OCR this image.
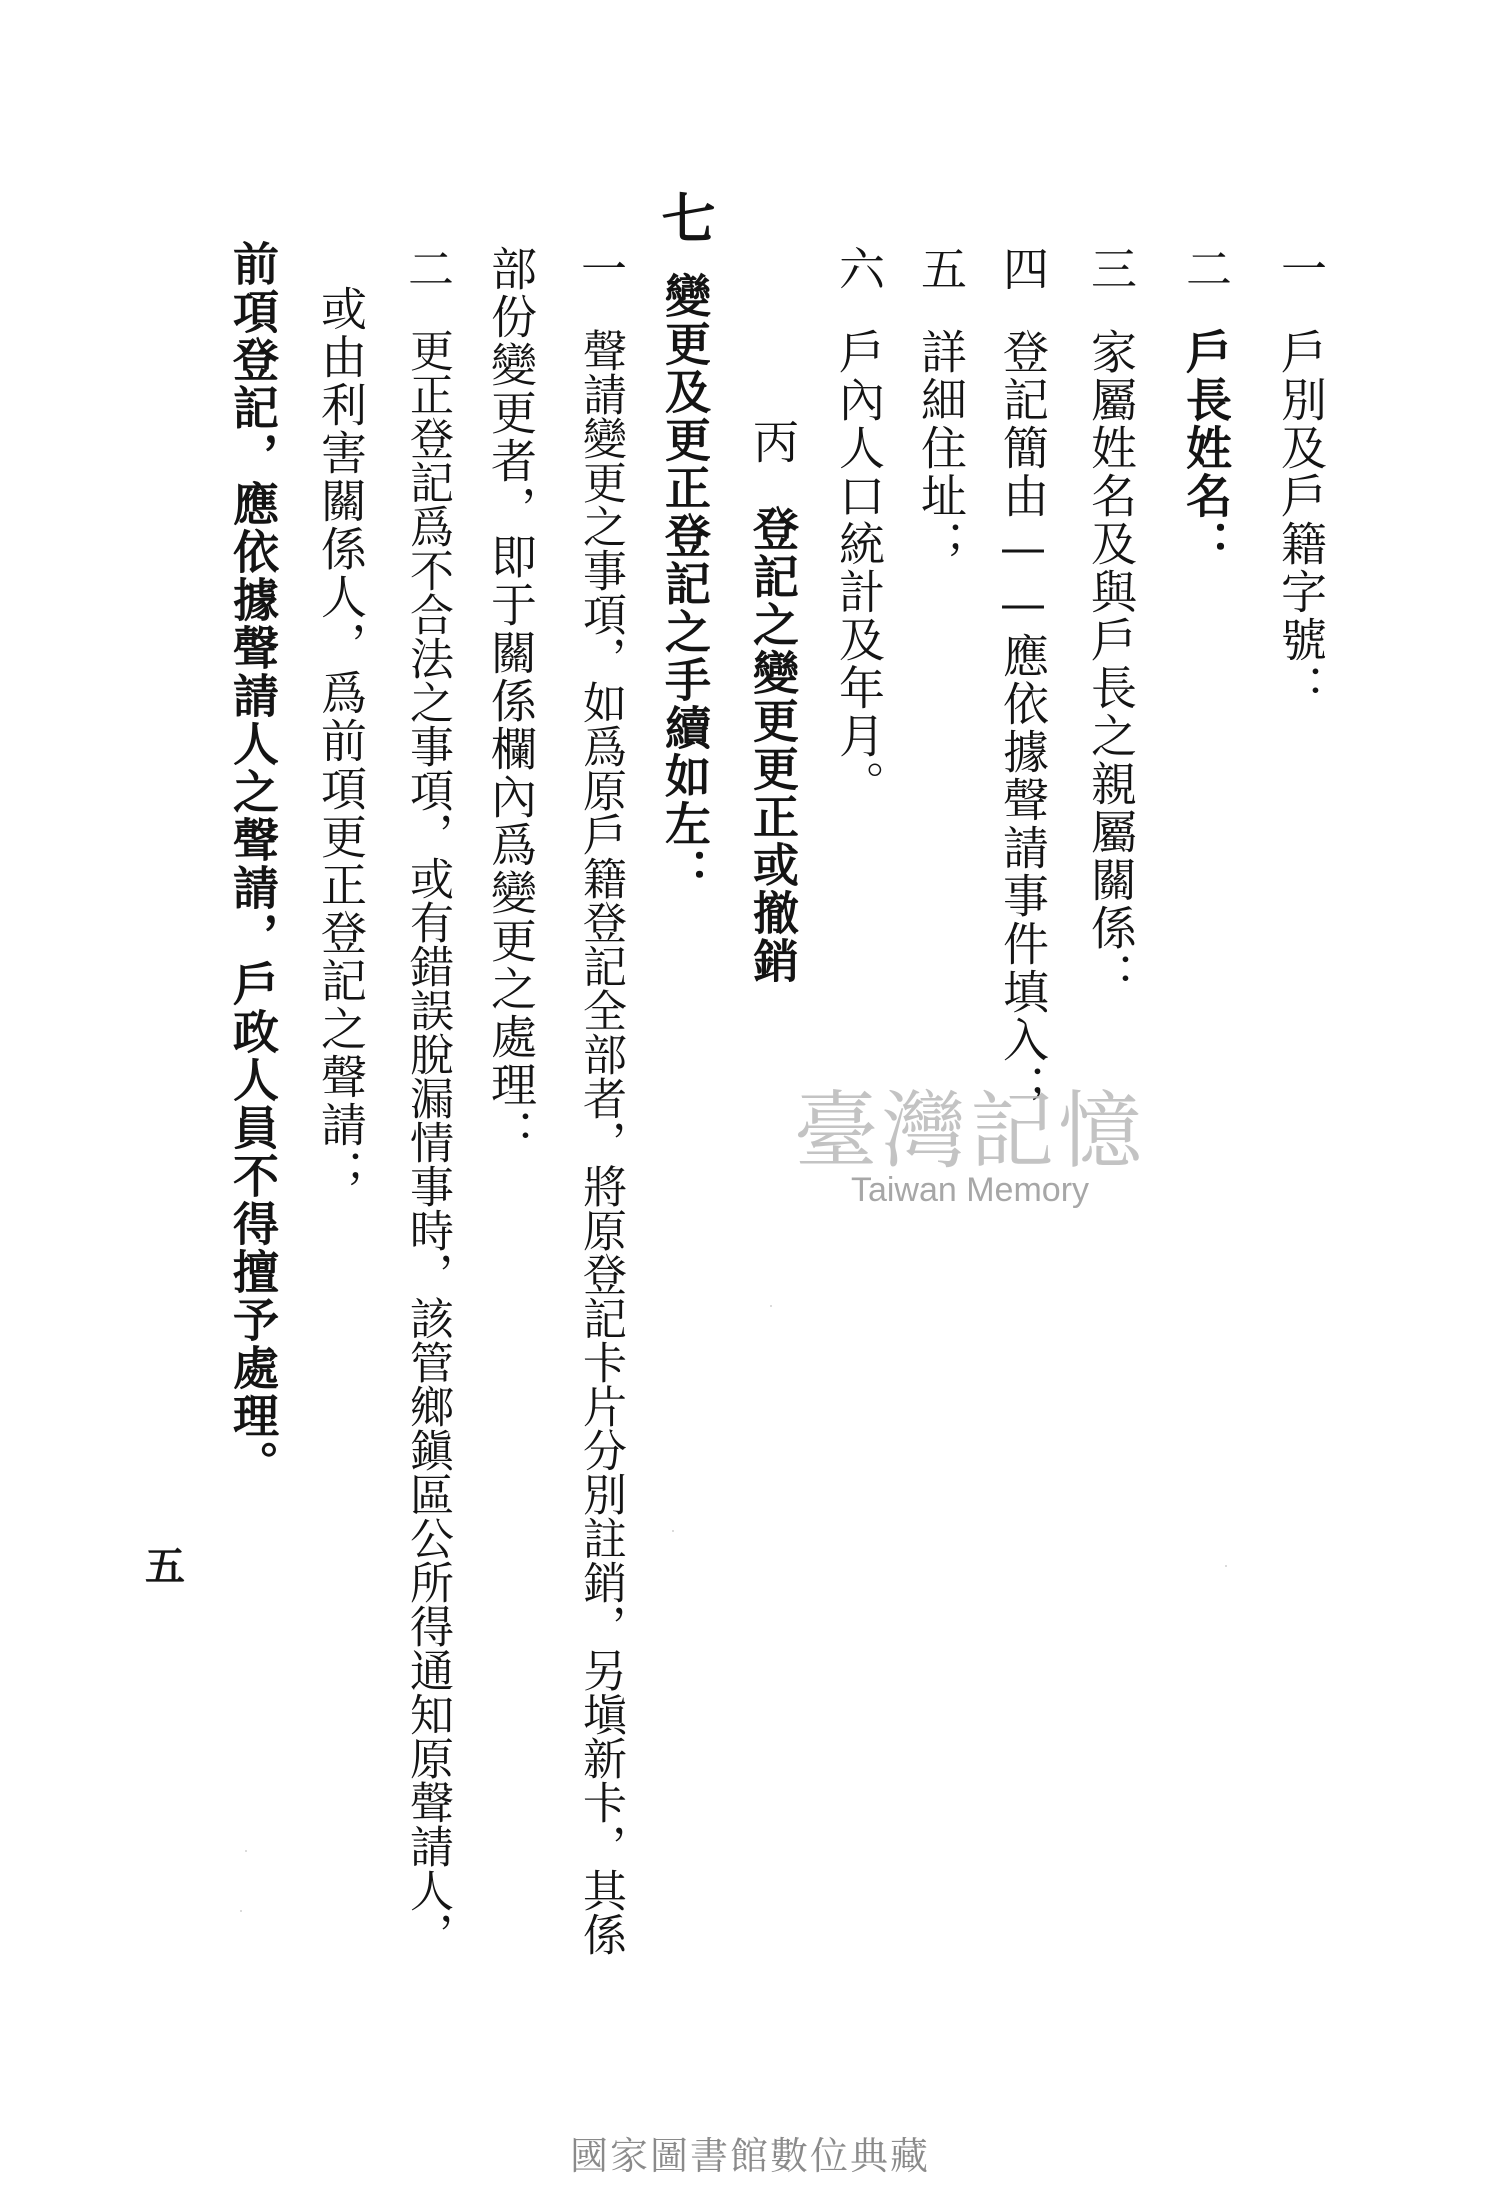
一
戶別及戶籍字號：
二
戶長姓名：
三
家屬姓名及與戶長之親屬關係：
四
登記簡由——應依據聲請事件填入；
五
詳細住址；
六
戶內人口統計及年月。
丙
登記之變更更正或撤銷
七
變更及更正登記之手續如左：
一
聲請變更之事項，如爲原戶籍登記全部者，將原登記卡片分別註銷，另塡新卡，其係
部份變更者，即于關係欄內爲變更之處理：
二
更正登記爲不合法之事項，或有錯誤脫漏情事時，該管鄉鎭區公所得通知原聲請人，
或由利害關係人，爲前項更正登記之聲請；
前項登記，應依據聲請人之聲請，戶政人員不得擅予處理。
五
臺灣記憶
Taiwan Memory
國家圖書館數位典藏
